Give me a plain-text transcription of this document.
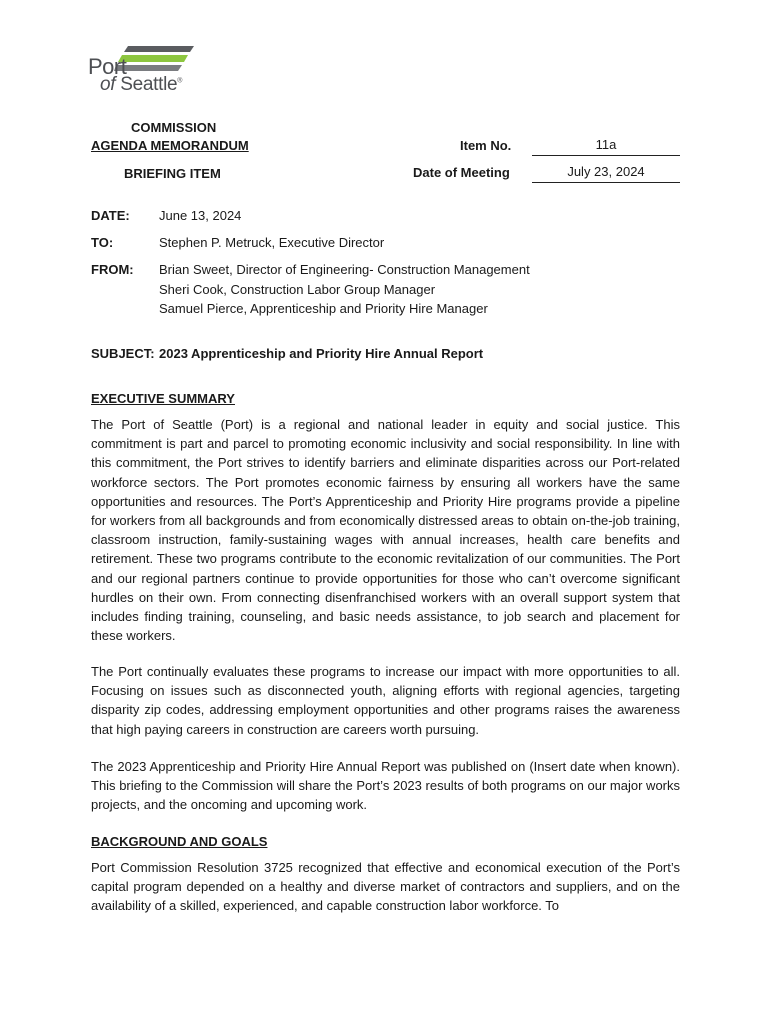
Port
of Seattle®
COMMISSION
AGENDA MEMORANDUM
BRIEFING ITEM
Item No.	11a
Date of Meeting	July 23, 2024
DATE: June 13, 2024
TO:	Stephen P. Metruck, Executive Director
FROM: Brian Sweet, Director of Engineering- Construction Management
Sheri Cook, Construction Labor Group Manager
Samuel Pierce, Apprenticeship and Priority Hire Manager
SUBJECT: 2023 Apprenticeship and Priority Hire Annual Report
EXECUTIVE SUMMARY
The Port of Seattle (Port) is a regional and national leader in equity and social justice. This commitment is part and parcel to promoting economic inclusivity and social responsibility. In line with this commitment, the Port strives to identify barriers and eliminate disparities across our Port-related workforce sectors. The Port promotes economic fairness by ensuring all workers have the same opportunities and resources. The Port’s Apprenticeship and Priority Hire programs provide a pipeline for workers from all backgrounds and from economically distressed areas to obtain on-the-job training, classroom instruction, family-sustaining wages with annual increases, health care benefits and retirement. These two programs contribute to the economic revitalization of our communities. The Port and our regional partners continue to provide opportunities for those who can’t overcome significant hurdles on their own. From connecting disenfranchised workers with an overall support system that includes finding training, counseling, and basic needs assistance, to job search and placement for these workers.
The Port continually evaluates these programs to increase our impact with more opportunities to all. Focusing on issues such as disconnected youth, aligning efforts with regional agencies, targeting disparity zip codes, addressing employment opportunities and other programs raises the awareness that high paying careers in construction are careers worth pursuing.
The 2023 Apprenticeship and Priority Hire Annual Report was published on (Insert date when known). This briefing to the Commission will share the Port’s 2023 results of both programs on our major works projects, and the oncoming and upcoming work.
BACKGROUND AND GOALS
Port Commission Resolution 3725 recognized that effective and economical execution of the Port’s capital program depended on a healthy and diverse market of contractors and suppliers, and on the availability of a skilled, experienced, and capable construction labor workforce. To
